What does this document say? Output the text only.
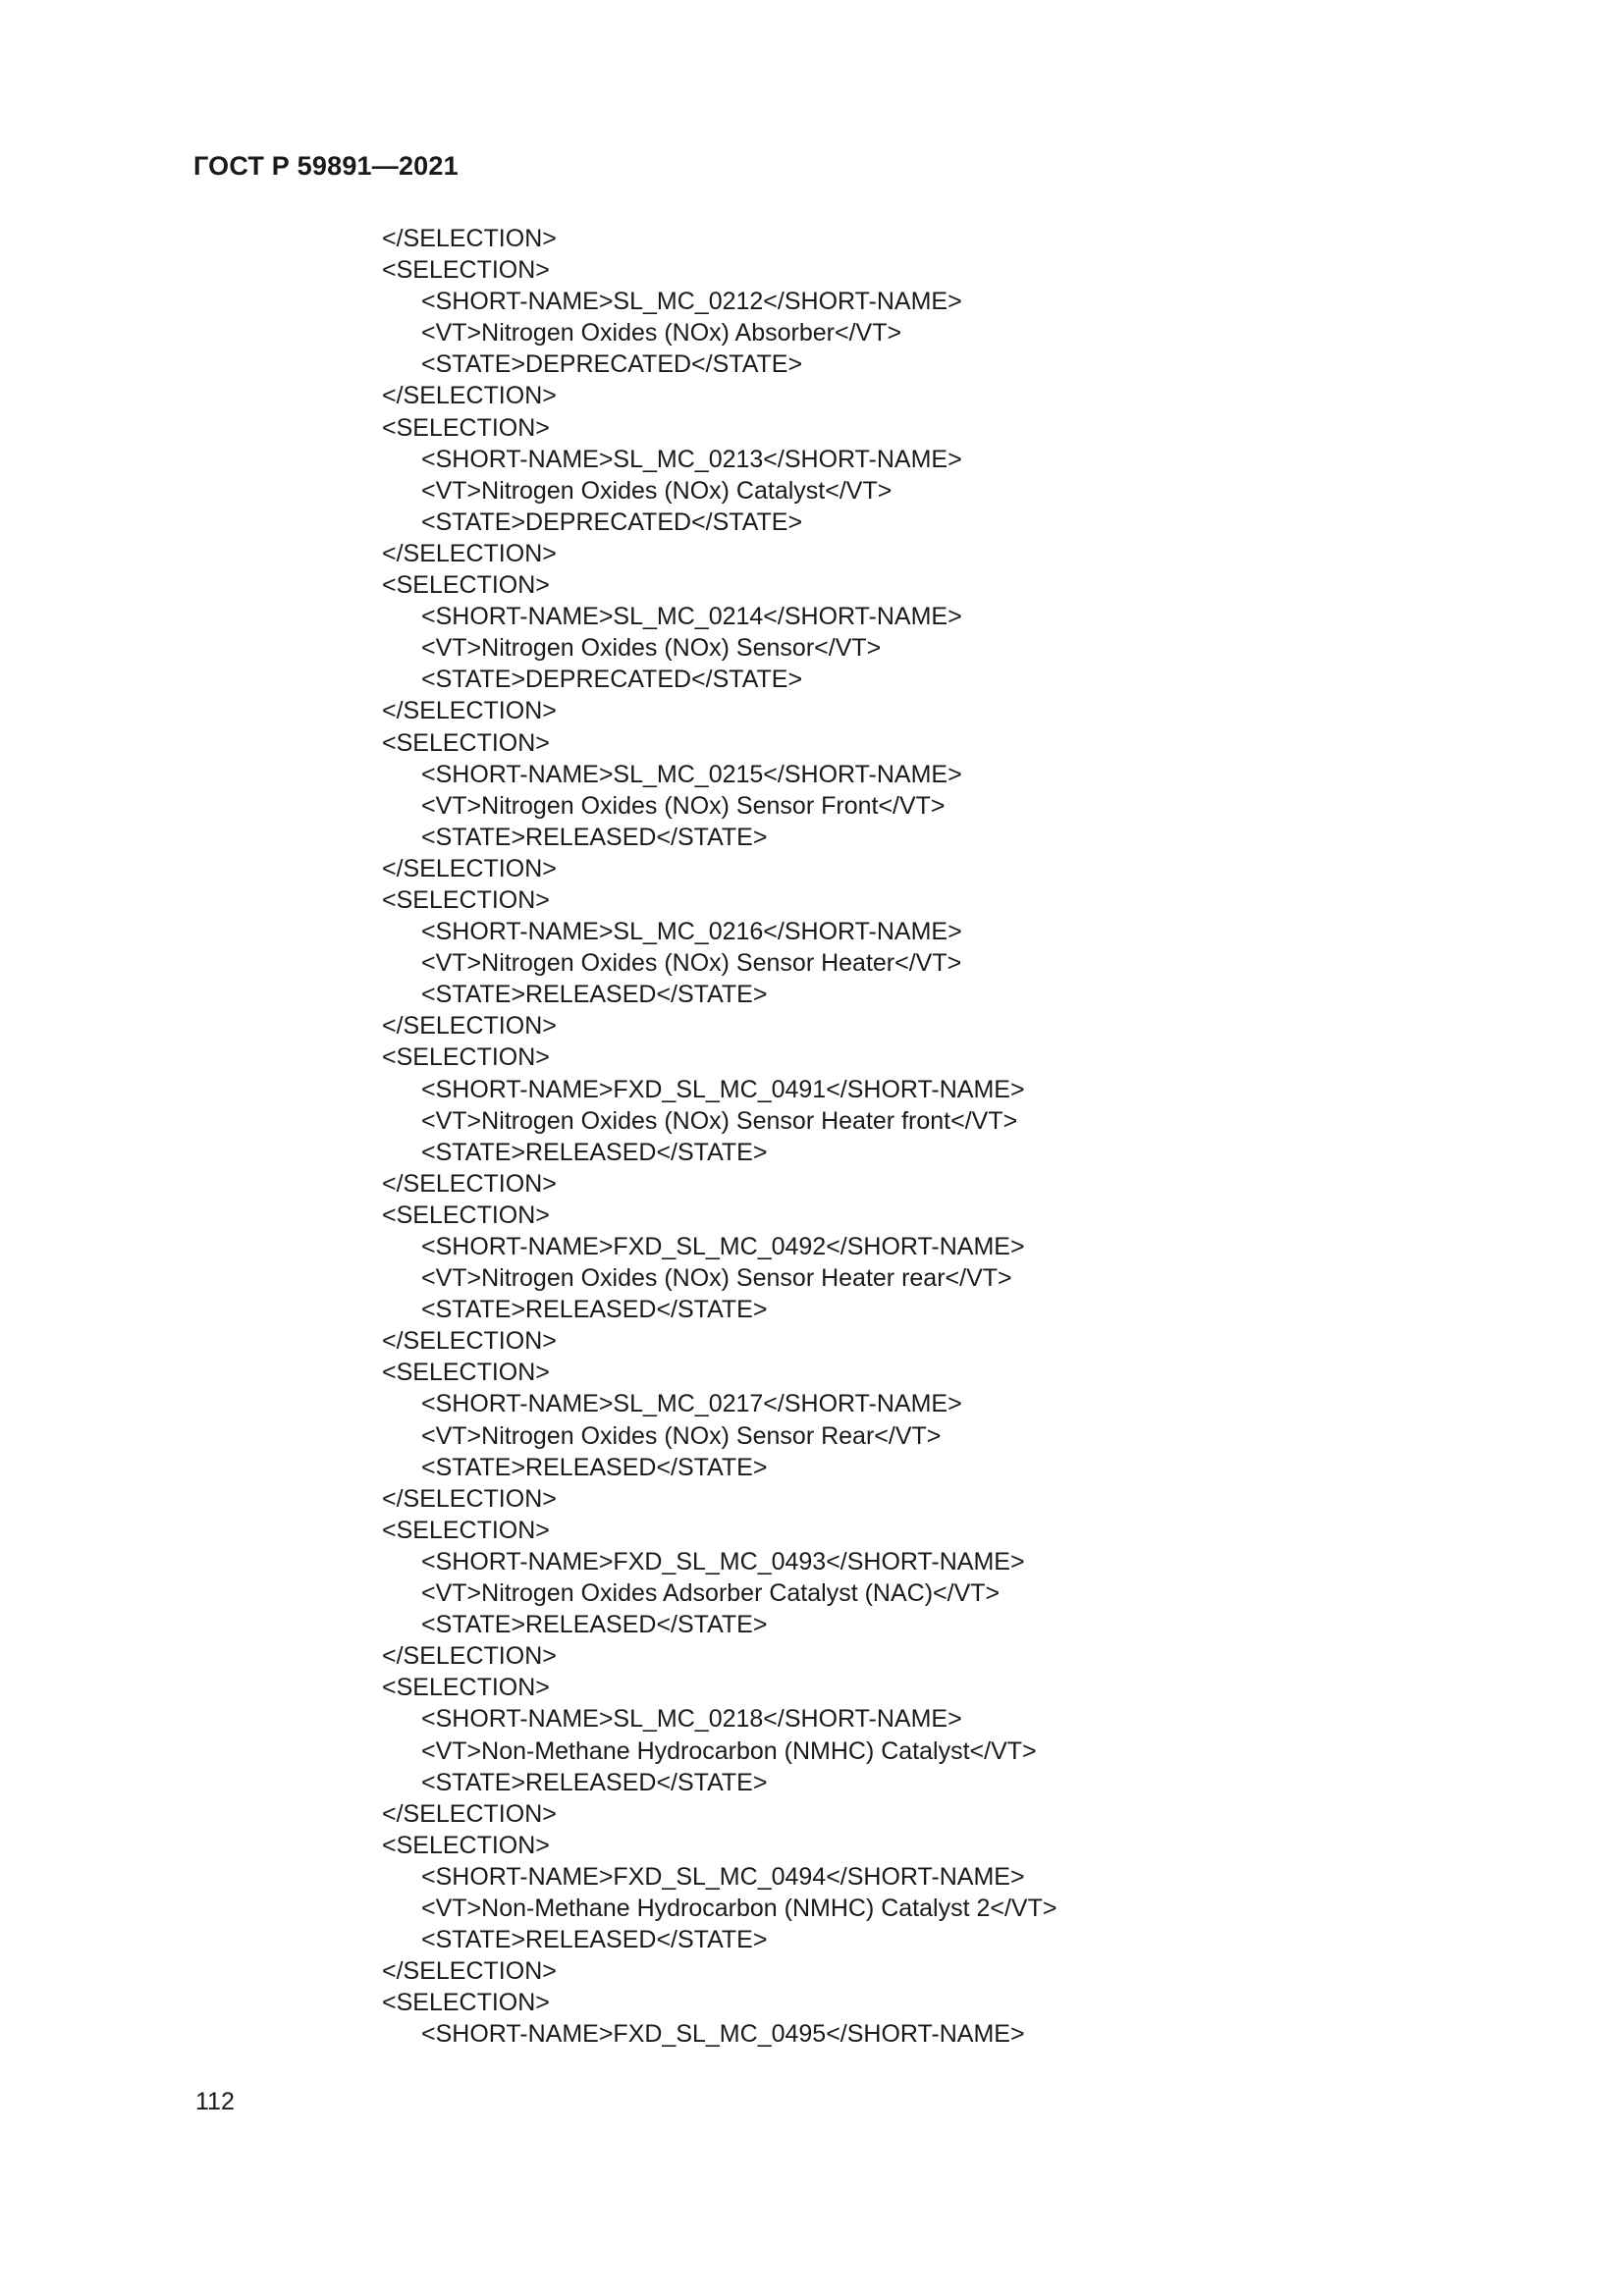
ГОСТ Р 59891—2021
</SELECTION>
<SELECTION>
<SHORT-NAME>SL_MC_0212</SHORT-NAME>
<VT>Nitrogen Oxides (NOx) Absorber</VT>
<STATE>DEPRECATED</STATE>
</SELECTION>
<SELECTION>
<SHORT-NAME>SL_MC_0213</SHORT-NAME>
<VT>Nitrogen Oxides (NOx) Catalyst</VT>
<STATE>DEPRECATED</STATE>
</SELECTION>
<SELECTION>
<SHORT-NAME>SL_MC_0214</SHORT-NAME>
<VT>Nitrogen Oxides (NOx) Sensor</VT>
<STATE>DEPRECATED</STATE>
</SELECTION>
<SELECTION>
<SHORT-NAME>SL_MC_0215</SHORT-NAME>
<VT>Nitrogen Oxides (NOx) Sensor Front</VT>
<STATE>RELEASED</STATE>
</SELECTION>
<SELECTION>
<SHORT-NAME>SL_MC_0216</SHORT-NAME>
<VT>Nitrogen Oxides (NOx) Sensor Heater</VT>
<STATE>RELEASED</STATE>
</SELECTION>
<SELECTION>
<SHORT-NAME>FXD_SL_MC_0491</SHORT-NAME>
<VT>Nitrogen Oxides (NOx) Sensor Heater front</VT>
<STATE>RELEASED</STATE>
</SELECTION>
<SELECTION>
<SHORT-NAME>FXD_SL_MC_0492</SHORT-NAME>
<VT>Nitrogen Oxides (NOx) Sensor Heater rear</VT>
<STATE>RELEASED</STATE>
</SELECTION>
<SELECTION>
<SHORT-NAME>SL_MC_0217</SHORT-NAME>
<VT>Nitrogen Oxides (NOx) Sensor Rear</VT>
<STATE>RELEASED</STATE>
</SELECTION>
<SELECTION>
<SHORT-NAME>FXD_SL_MC_0493</SHORT-NAME>
<VT>Nitrogen Oxides Adsorber Catalyst (NAC)</VT>
<STATE>RELEASED</STATE>
</SELECTION>
<SELECTION>
<SHORT-NAME>SL_MC_0218</SHORT-NAME>
<VT>Non-Methane Hydrocarbon (NMHC) Catalyst</VT>
<STATE>RELEASED</STATE>
</SELECTION>
<SELECTION>
<SHORT-NAME>FXD_SL_MC_0494</SHORT-NAME>
<VT>Non-Methane Hydrocarbon (NMHC) Catalyst 2</VT>
<STATE>RELEASED</STATE>
</SELECTION>
<SELECTION>
<SHORT-NAME>FXD_SL_MC_0495</SHORT-NAME>
112
